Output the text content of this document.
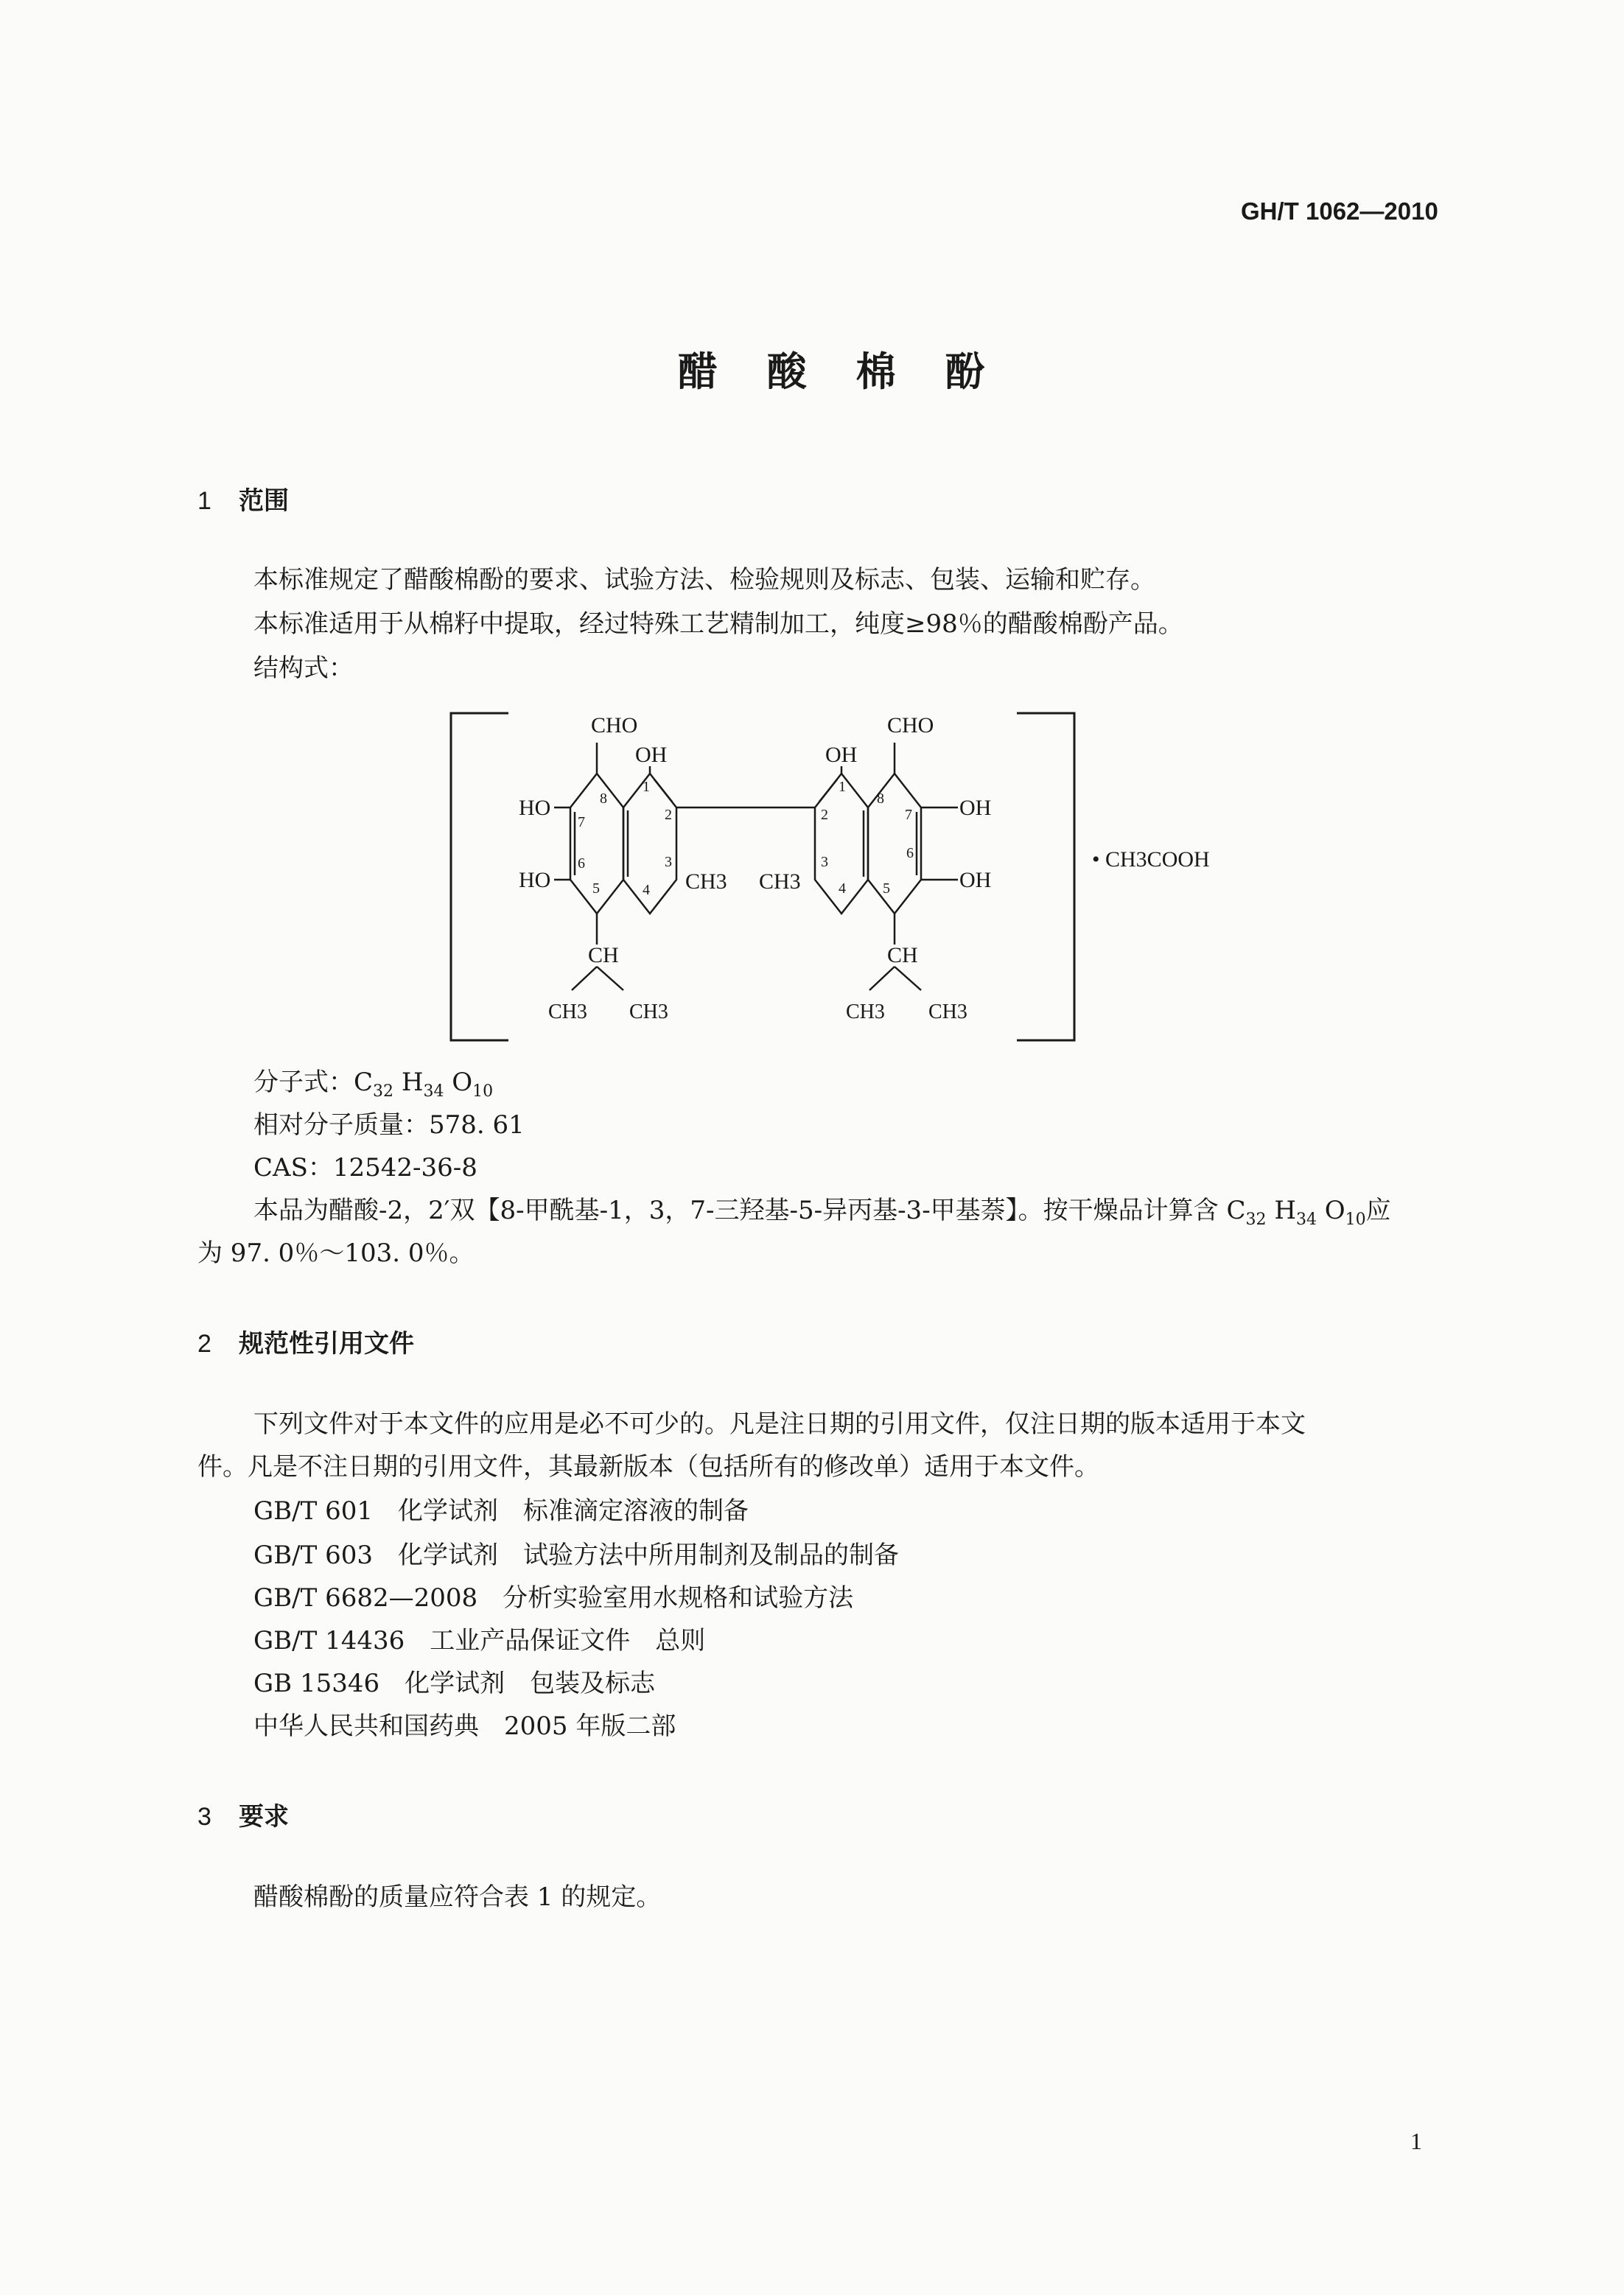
GH/T 1062—2010
醋 酸 棉 酚
1 范围
本标准规定了醋酸棉酚的要求、试验方法、检验规则及标志、包装、运输和贮存。
本标准适用于从棉籽中提取，经过特殊工艺精制加工，纯度≥98％的醋酸棉酚产品。
结构式：
CHO	CHO
OH	OH
HO
HO
OH
OH
CH3 CH3
CH	CH
CH3 CH3	CH3 CH3
8
1
7	2
6	3
5	4
1
8
2	7
3
6
4	5
• CH3COOH
分子式：$C_{32}$ $H_{34}$ $O_{10}$
相对分子质量：578. 61
CAS：12542-36-8
本品为醋酸-2，2′双【8-甲酰基-1，3，7-三羟基-5-异丙基-3-甲基萘】。按干燥品计算含 $C_{32}$ $H_{34}$ $O_{10}$应
为 97. 0％～103. 0％。
2 规范性引用文件
下列文件对于本文件的应用是必不可少的。凡是注日期的引用文件，仅注日期的版本适用于本文
件。凡是不注日期的引用文件，其最新版本（包括所有的修改单）适用于本文件。
GB/T 601　 化学试剂　标准滴定溶液的制备
GB/T 603　 化学试剂　试验方法中所用制剂及制品的制备
GB/T 6682—2008　 分析实验室用水规格和试验方法
GB/T 14436　 工业产品保证文件　总则
GB 15346　 化学试剂　包装及标志
中华人民共和国药典　 2005 年版二部
3 要求
醋酸棉酚的质量应符合表 1 的规定。
1
